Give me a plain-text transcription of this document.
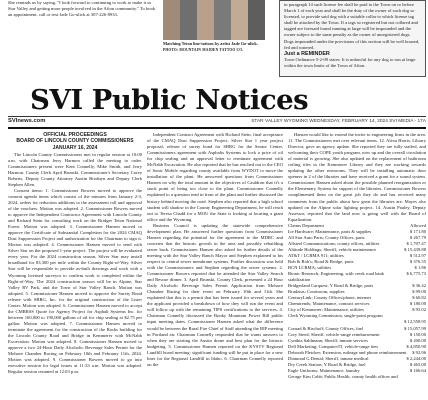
She reminds us by saying, "I look forward to continuing to work to make it so Star Valley and getting more people involved in the Afton community." To book an appointment, call or text Jade Go-ulick at 307-226-8933.
Matching Teton line-tattoos by artist Jade Go-ulick. PHOTO: MOUNTAIN MAIDEN TATTOO CO.
in paragraph 14 such license fee shall be paid to the Town on or before March 1 of each year and shall be the duty of the owner of such dog so licensed, to provide said dog with a suitable collar to which license tag shall be attached by the Town. If a tags so registered but not collared and tagged are foresaid found running at large will be impounded and the owner subject to the same penalty as the owner of unregistered dogs. Dogs impounded under the provisions of this section will be well housed, fed and watered.
Just a REMINDER
Town Ordinance 5-2-09 states: It is unlawful for any dog to run at large within the town limits of the Town of Afton.
SVI Public Notices
SVInews.com	STAR VALLEY WYOMING WEDNESDAY, FEBRUARY 14, 2024 SVI MEDIA - 17A
OFFICIAL PROCEEDINGS
BOARD OF LINCOLN COUNTY COMMISSIONERS JANUARY 16, 2024

The Lincoln County Commissioners met in regular session at 10:00 a.m. with Chairman Jerry Harmon called the meeting to order. Commissioners present were Kent Connelly, Mike Smith, and Jerry Harmon. County Clerk April Brunski, Commissioner's Secretary Corey Roberts, Deputy County Attorney Austin Broduyn and Deputy Clerk Stephen Allen.

Consent items: 1. Commissioner Bowers moved to approve the consent agenda items which consist of the minutes from January 2-3, 2024, orders for reduction additions to the assessment roll and approval of the vouchers. Motion was adopted. 2. Commissioner Bowers moved to approve the Independent Contractor Agreement with Lincoln County and Richard Stein for consulting work on the Bridger Teton National Forest. Motion was adopted. 3. Commissioner Hansen moved to approve the Certificate of Substantial Completion for the 2024 CMAQ Dust Suppression Project and authorization for the Chairman to sign it. Motion was adopted. 4. Commissioner Hansen moved to send with Silver Star on the proposed 1-year project. The project will be evaluated every year. For the 2024 construction season, Silver Star may install broadband for 83,300 per mile within the County Right-of-Way. Silver Star will be responsible to provide as-built drawings and work with a Wyoming licensed surveyor to confirm work is completed within the Right-of-Way. The 2024 construction season will be in Alpine, Star Valley RV Park, and the Town of Star Valley Ranch. Motion was adopted. 5. Commissioner Hansen moved to approve the Surety Bond release with SBRG, Inc. for the original construction of the Lister Center. Motion was adopted. 6. Commissioner Hansen moved to accept the CMRRSS Quote for Agency Project for Asphalt Systems Inc. for between 160,000 to 190,000 gallons of oil for chip sealing at $2.75 per gallon. Motion was adopted. 7. Commissioner Hansen moved to terminate the agreement for the construction of the Racks building for the Lincoln County Road and Bridge in Kemmerer with McNabb Excavation. Motion was adopted. 8. Commissioner Hansen moved to approve a two 24-Hour Daily Alcoholic Beverage Sales Permit for the Mohave Chamber Racing on February 10th and February 11th, 2024. Motion was adopted. 9. Commissioner Bowers moved to go into executive session for legal issues at 11:33 a.m. Motion was adopted. Regular session resumed at 12:03 p.m.

Independent Contract Agreement with Richard Stein, final acceptance of the CMAQ Dust Suppression Project, Silver Star 1 year project proposal, release of surety bond for SBRG for the Senior Center, Commissioners agreement with Asphalts Systems to lock a price of oil for chip sealing and an approval letter to terminate agreement with McNabb Excavation. He also reported that he has reached out to the CEO of Sonic Mobile regarding county available from WYDOT to move the installation of the plant. He answered questions from Commissioner Hansen on why the total amount in the objectives of Cauldron that it's a stuck point of being too close to the plant. Commissioner Connelly explained to a question read in front of the plant and further discussed the history behind moving the road. Stephen also reported that a high school student will shadow in the County Engineering Department, he will reach out to Teresa Chadd for a MOU the State is looking at locating a giant office and the Wyoming.

Business Council is updating the statewide comprehensive development plan. He answered further questions from Commissioner Hansen regarding the potential for the agreement to the MDRC and concerns that the historic growth in the area and possibly rebuilding sewer back. Commissioner Hansen also asked for further details of the meeting with the Star Valley Ranch Mayor and Stephen explained to his respect to central sewer membrane systems. Further discussion was held with the Commissioners and Stephen regarding the sewer systems. 2. Commissioner Bowers reported that he attended the Star Valley Search and Rescue dinner. 3. April Brunski, County Clerk, presented a 24 Hour Daily Alcoholic Beverage Sales Permit Application from Mohave Chamber Racing for their event on February 10th and 11th. She explained that this is a permit that has been issued for several years and the applicant provided a breakdown of how they will run the event and will follow up with the remaining TIPS certifications to the services. 4. Chairman Connelly discussed the Bonky Mountain Power Bill public input meeting dates. Commissioner Hansen asked what the difference would be between the Rural Fire Chief of Staff attending the BIP meeting in Portland air. Chairman Connelly responded that he wants answers to when they are starting the Austin drone and best plan for the historic budgeting. 5. Commissioner Hansen reported on the KYSTV Regional Landfill board meeting: significant funding will be put in place for a new liner for the Regional Landfill in Idaho. 6. Chairman Connelly reported on the

Hansen would like to extend the invite to engineering firms in the area. 11. The Commissioners met over relevant items. 12. Alexa Harris, Library Director, gave an agency update. She reported they are fully staffed, and welcoming their COPE youth program, now up and the overall circulation of material is growing. She also updated on the replacement of bathroom ceiling tiles in the Kemmerer Library and they are working towards updating the other restrooms. They will be installing automatic door openers in 2 of the libraries and have received a grant for a sound system. Commissioner Hansen asked about the possible planned reorganization or the Elementary System for support of the libraries. Commissioner Bowers complimented them on the great job they do and has received many comments from the public about how great the libraries are. Mayes also updated on the Alpine solar lighting project. 14. Austin Pauley, Deputy Assessor, reported that the land now is going well with the Board of Equalization.

Claims Department	Allowed
Ice Hardware; Maintenance, parts & supplies	$ 171.80
All Star Auto Parts; County Offices, parts	$ 267.79
Allsteel Communications; county offices, utilities	$ 1,707.47
Altitude Holdings; Sheriff, vehicle maintenance	$ 15,439.88
AT&T / LCRMA 911; utilities	$ 512.97
Bob & Rob's; Road & Bridge, parts	$ 376.55
BCN LCRMA; utilities	$ 1.86
Bionic Research; Engineering, with creek road bank stabilization
$ 6,775.73
Bridgerland Carquest; Y Road & Bridge, parts	$ 36.42
Brudzius; Courtroom, supplies	$ 99.00
CenturyLink; County Offices/phone, internet	$ 60.82
Chemtrends; Maintenance, contract services	$ 180.00
City of Kemmerer; Maintenance, utilities	$ 95.02
Clerk Wyoming Commission, single-point program
$ 12,558.95
Conrad & Bischoff; County Offices, fuel	$ 15,057.99
Cory Steed; Sheriff, vehicle-range reimbursement	$ 150.00
Cynthia Sahlmann; Sheriff, inmate services	$ 200.00
Dell Marketing; Computer/IT, vehicle-range fees	$ 4,850.90
Deborah Pletcher; Extension, mileage and phone reimbursement	$ 92.96
Diamond G Dental; Sheriff, inmate medical	$ 2,244.00
Dry Creek Station; Y Road & Bridge, fuel	$ 465.00
Eagle Uniforms; Maintenance, laundry	$ 166.64
George Kim Cobb; Public Health, county health officer and
